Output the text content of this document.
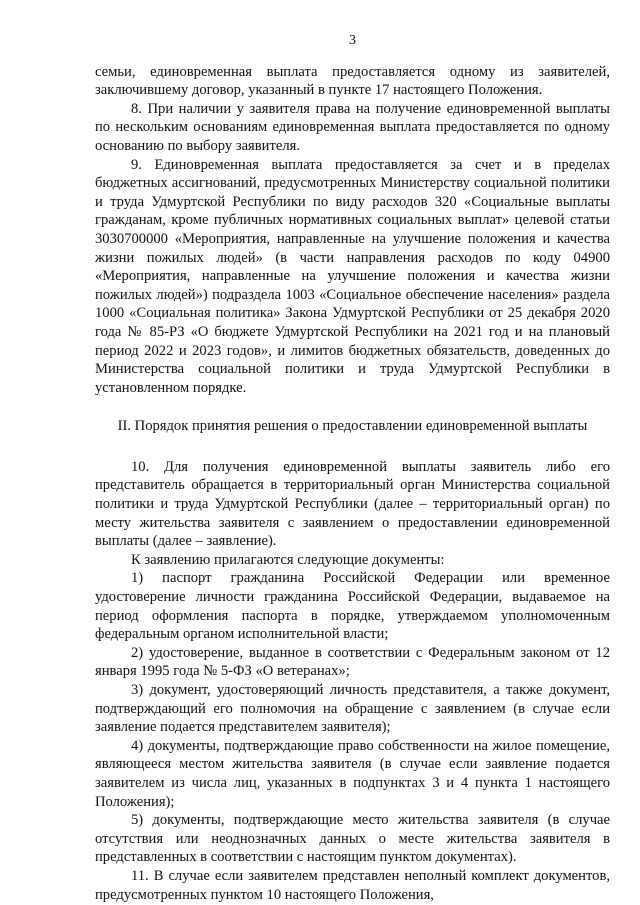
3

семьи, единовременная выплата предоставляется одному из заявителей, заключившему договор, указанный в пункте 17 настоящего Положения.

8. При наличии у заявителя права на получение единовременной выплаты по нескольким основаниям единовременная выплата предоставляется по одному основанию по выбору заявителя.

9. Единовременная выплата предоставляется за счет и в пределах бюджетных ассигнований, предусмотренных Министерству социальной политики и труда Удмуртской Республики по виду расходов 320 «Социальные выплаты гражданам, кроме публичных нормативных социальных выплат» целевой статьи 3030700000 «Мероприятия, направленные на улучшение положения и качества жизни пожилых людей» (в части направления расходов по коду 04900 «Мероприятия, направленные на улучшение положения и качества жизни пожилых людей») подраздела 1003 «Социальное обеспечение населения» раздела 1000 «Социальная политика» Закона Удмуртской Республики от 25 декабря 2020 года № 85-РЗ «О бюджете Удмуртской Республики на 2021 год и на плановый период 2022 и 2023 годов», и лимитов бюджетных обязательств, доведенных до Министерства социальной политики и труда Удмуртской Республики в установленном порядке.

II. Порядок принятия решения о предоставлении единовременной выплаты

10. Для получения единовременной выплаты заявитель либо его представитель обращается в территориальный орган Министерства социальной политики и труда Удмуртской Республики (далее – территориальный орган) по месту жительства заявителя с заявлением о предоставлении единовременной выплаты (далее – заявление).

К заявлению прилагаются следующие документы:

1) паспорт гражданина Российской Федерации или временное удостоверение личности гражданина Российской Федерации, выдаваемое на период оформления паспорта в порядке, утверждаемом уполномоченным федеральным органом исполнительной власти;

2) удостоверение, выданное в соответствии с Федеральным законом от 12 января 1995 года № 5-ФЗ «О ветеранах»;

3) документ, удостоверяющий личность представителя, а также документ, подтверждающий его полномочия на обращение с заявлением (в случае если заявление подается представителем заявителя);

4) документы, подтверждающие право собственности на жилое помещение, являющееся местом жительства заявителя (в случае если заявление подается заявителем из числа лиц, указанных в подпунктах 3 и 4 пункта 1 настоящего Положения);

5) документы, подтверждающие место жительства заявителя (в случае отсутствия или неоднозначных данных о месте жительства заявителя в представленных в соответствии с настоящим пунктом документах).

11. В случае если заявителем представлен неполный комплект документов, предусмотренных пунктом 10 настоящего Положения,
